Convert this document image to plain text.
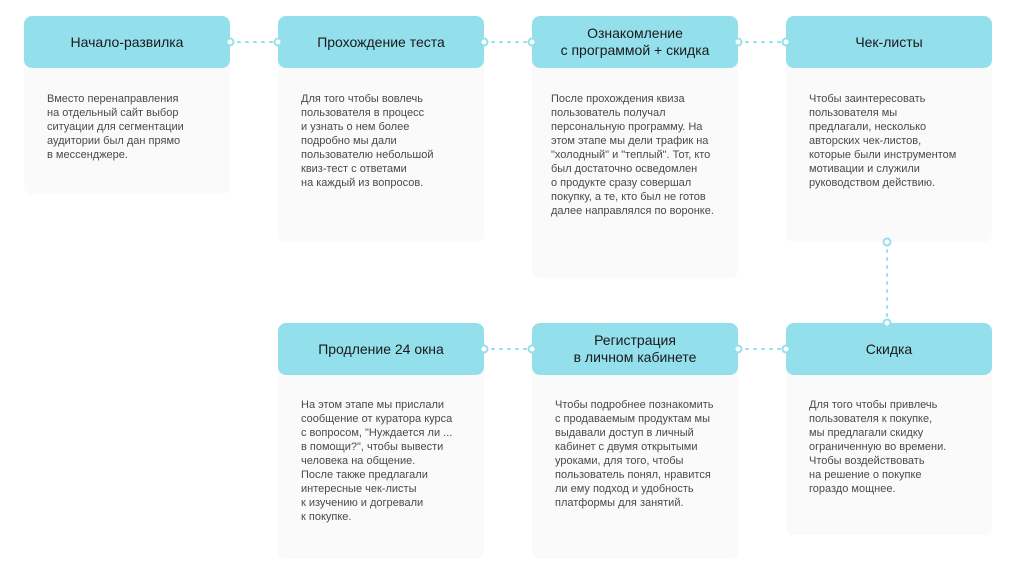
Начало-развилка
Вместо перенаправления
на отдельный сайт выбор
ситуации для сегментации
аудитории был дан прямо
в мессенджере.
Прохождение теста
Для того чтобы вовлечь
пользователя в процесс
и узнать о нем более
подробно мы дали
пользователю небольшой
квиз-тест с ответами
на каждый из вопросов.
Ознакомление
с программой + скидка
После прохождения квиза
пользователь получал
персональную программу. На
этом этапе мы дели трафик на
"холодный" и "теплый". Тот, кто
был достаточно осведомлен
о продукте сразу совершал
покупку, а те, кто был не готов
далее направлялся по воронке.
Чек-листы
Чтобы заинтересовать
пользователя мы
предлагали, несколько
авторских чек-листов,
которые были инструментом
мотивации и служили
руководством действию.
Скидка
Для того чтобы привлечь
пользователя к покупке,
мы предлагали скидку
ограниченную во времени.
Чтобы воздействовать
на решение о покупке
гораздо мощнее.
Регистрация
в личном кабинете
Чтобы подробнее познакомить
с продаваемым продуктам мы
выдавали доступ в личный
кабинет с двумя открытыми
уроками, для того, чтобы
пользователь понял, нравится
ли ему подход и удобность
платформы для занятий.
Продление 24 окна
На этом этапе мы прислали
сообщение от куратора курса
с вопросом, "Нуждается ли ...
в помощи?", чтобы вывести
человека на общение.
После также предлагали
интересные чек-листы
к изучению и догревали
к покупке.
